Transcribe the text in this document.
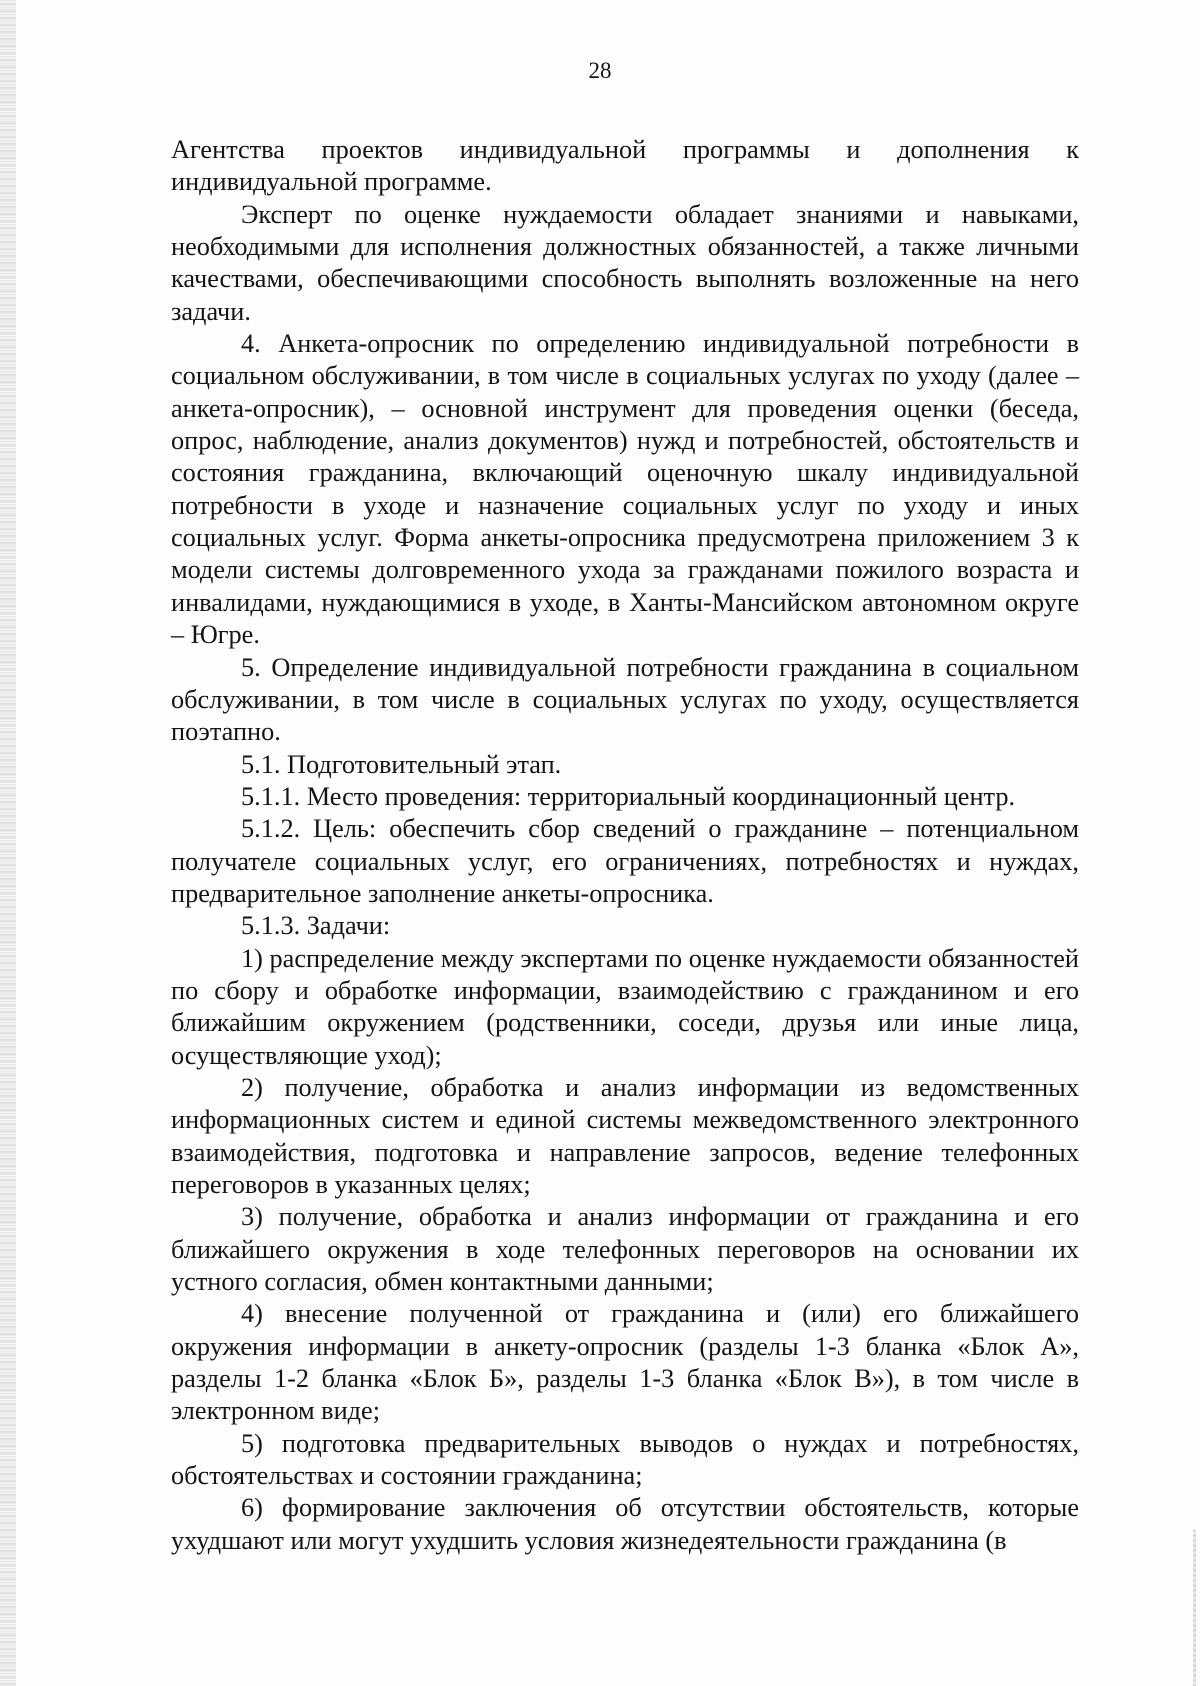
28

Агентства проектов индивидуальной программы и дополнения к индивидуальной программе.

Эксперт по оценке нуждаемости обладает знаниями и навыками, необходимыми для исполнения должностных обязанностей, а также личными качествами, обеспечивающими способность выполнять возложенные на него задачи.

4. Анкета-опросник по определению индивидуальной потребности в социальном обслуживании, в том числе в социальных услугах по уходу (далее – анкета-опросник), – основной инструмент для проведения оценки (беседа, опрос, наблюдение, анализ документов) нужд и потребностей, обстоятельств и состояния гражданина, включающий оценочную шкалу индивидуальной потребности в уходе и назначение социальных услуг по уходу и иных социальных услуг. Форма анкеты-опросника предусмотрена приложением 3 к модели системы долговременного ухода за гражданами пожилого возраста и инвалидами, нуждающимися в уходе, в Ханты-Мансийском автономном округе – Югре.

5. Определение индивидуальной потребности гражданина в социальном обслуживании, в том числе в социальных услугах по уходу, осуществляется поэтапно.

5.1. Подготовительный этап.

5.1.1. Место проведения: территориальный координационный центр.

5.1.2. Цель: обеспечить сбор сведений о гражданине – потенциальном получателе социальных услуг, его ограничениях, потребностях и нуждах, предварительное заполнение анкеты-опросника.

5.1.3. Задачи:

1) распределение между экспертами по оценке нуждаемости обязанностей по сбору и обработке информации, взаимодействию с гражданином и его ближайшим окружением (родственники, соседи, друзья или иные лица, осуществляющие уход);

2) получение, обработка и анализ информации из ведомственных информационных систем и единой системы межведомственного электронного взаимодействия, подготовка и направление запросов, ведение телефонных переговоров в указанных целях;

3) получение, обработка и анализ информации от гражданина и его ближайшего окружения в ходе телефонных переговоров на основании их устного согласия, обмен контактными данными;

4) внесение полученной от гражданина и (или) его ближайшего окружения информации в анкету-опросник (разделы 1-3 бланка «Блок А», разделы 1-2 бланка «Блок Б», разделы 1-3 бланка «Блок В»), в том числе в электронном виде;

5) подготовка предварительных выводов о нуждах и потребностях, обстоятельствах и состоянии гражданина;

6) формирование заключения об отсутствии обстоятельств, которые ухудшают или могут ухудшить условия жизнедеятельности гражданина (в
